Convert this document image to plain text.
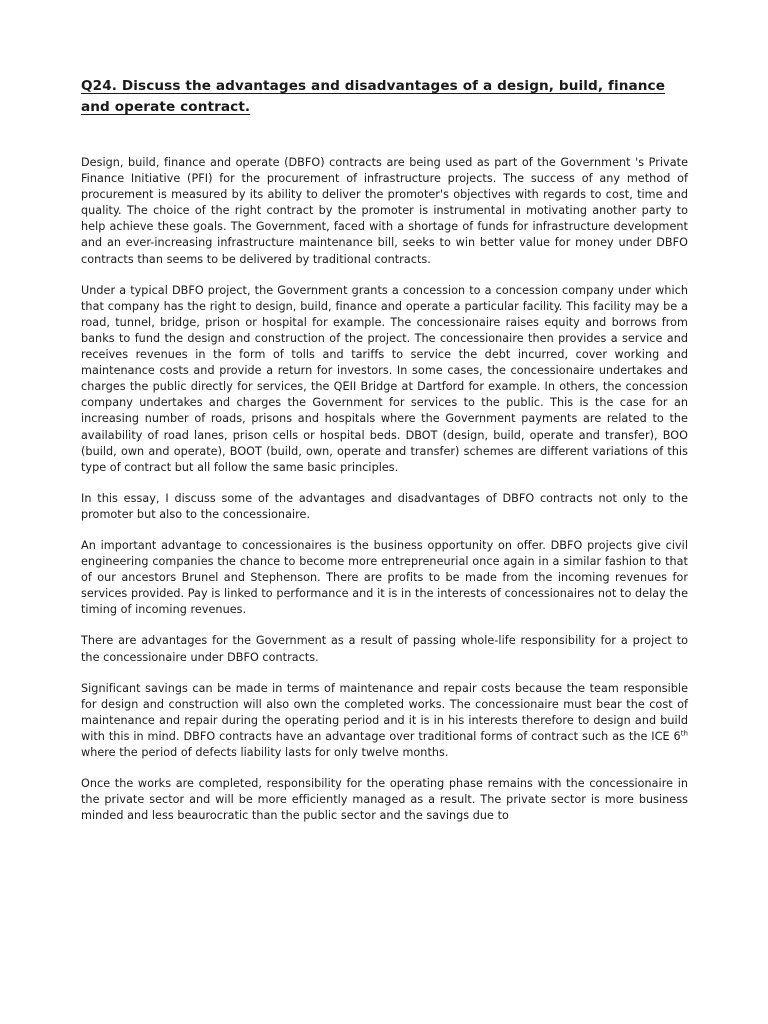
Q24. Discuss the advantages and disadvantages of a design, build, finance and operate contract.

Design, build, finance and operate (DBFO) contracts are being used as part of the Government 's Private Finance Initiative (PFI) for the procurement of infrastructure projects. The success of any method of procurement is measured by its ability to deliver the promoter's objectives with regards to cost, time and quality. The choice of the right contract by the promoter is instrumental in motivating another party to help achieve these goals. The Government, faced with a shortage of funds for infrastructure development and an ever-increasing infrastructure maintenance bill, seeks to win better value for money under DBFO contracts than seems to be delivered by traditional contracts.

Under a typical DBFO project, the Government grants a concession to a concession company under which that company has the right to design, build, finance and operate a particular facility. This facility may be a road, tunnel, bridge, prison or hospital for example. The concessionaire raises equity and borrows from banks to fund the design and construction of the project. The concessionaire then provides a service and receives revenues in the form of tolls and tariffs to service the debt incurred, cover working and maintenance costs and provide a return for investors. In some cases, the concessionaire undertakes and charges the public directly for services, the QEII Bridge at Dartford for example. In others, the concession company undertakes and charges the Government for services to the public. This is the case for an increasing number of roads, prisons and hospitals where the Government payments are related to the availability of road lanes, prison cells or hospital beds. DBOT (design, build, operate and transfer), BOO (build, own and operate), BOOT (build, own, operate and transfer) schemes are different variations of this type of contract but all follow the same basic principles.

In this essay, I discuss some of the advantages and disadvantages of DBFO contracts not only to the promoter but also to the concessionaire.

An important advantage to concessionaires is the business opportunity on offer. DBFO projects give civil engineering companies the chance to become more entrepreneurial once again in a similar fashion to that of our ancestors Brunel and Stephenson. There are profits to be made from the incoming revenues for services provided. Pay is linked to performance and it is in the interests of concessionaires not to delay the timing of incoming revenues.

There are advantages for the Government as a result of passing whole-life responsibility for a project to the concessionaire under DBFO contracts.

Significant savings can be made in terms of maintenance and repair costs because the team responsible for design and construction will also own the completed works. The concessionaire must bear the cost of maintenance and repair during the operating period and it is in his interests therefore to design and build with this in mind. DBFO contracts have an advantage over traditional forms of contract such as the ICE 6th where the period of defects liability lasts for only twelve months.

Once the works are completed, responsibility for the operating phase remains with the concessionaire in the private sector and will be more efficiently managed as a result. The private sector is more business minded and less beaurocratic than the public sector and the savings due to
